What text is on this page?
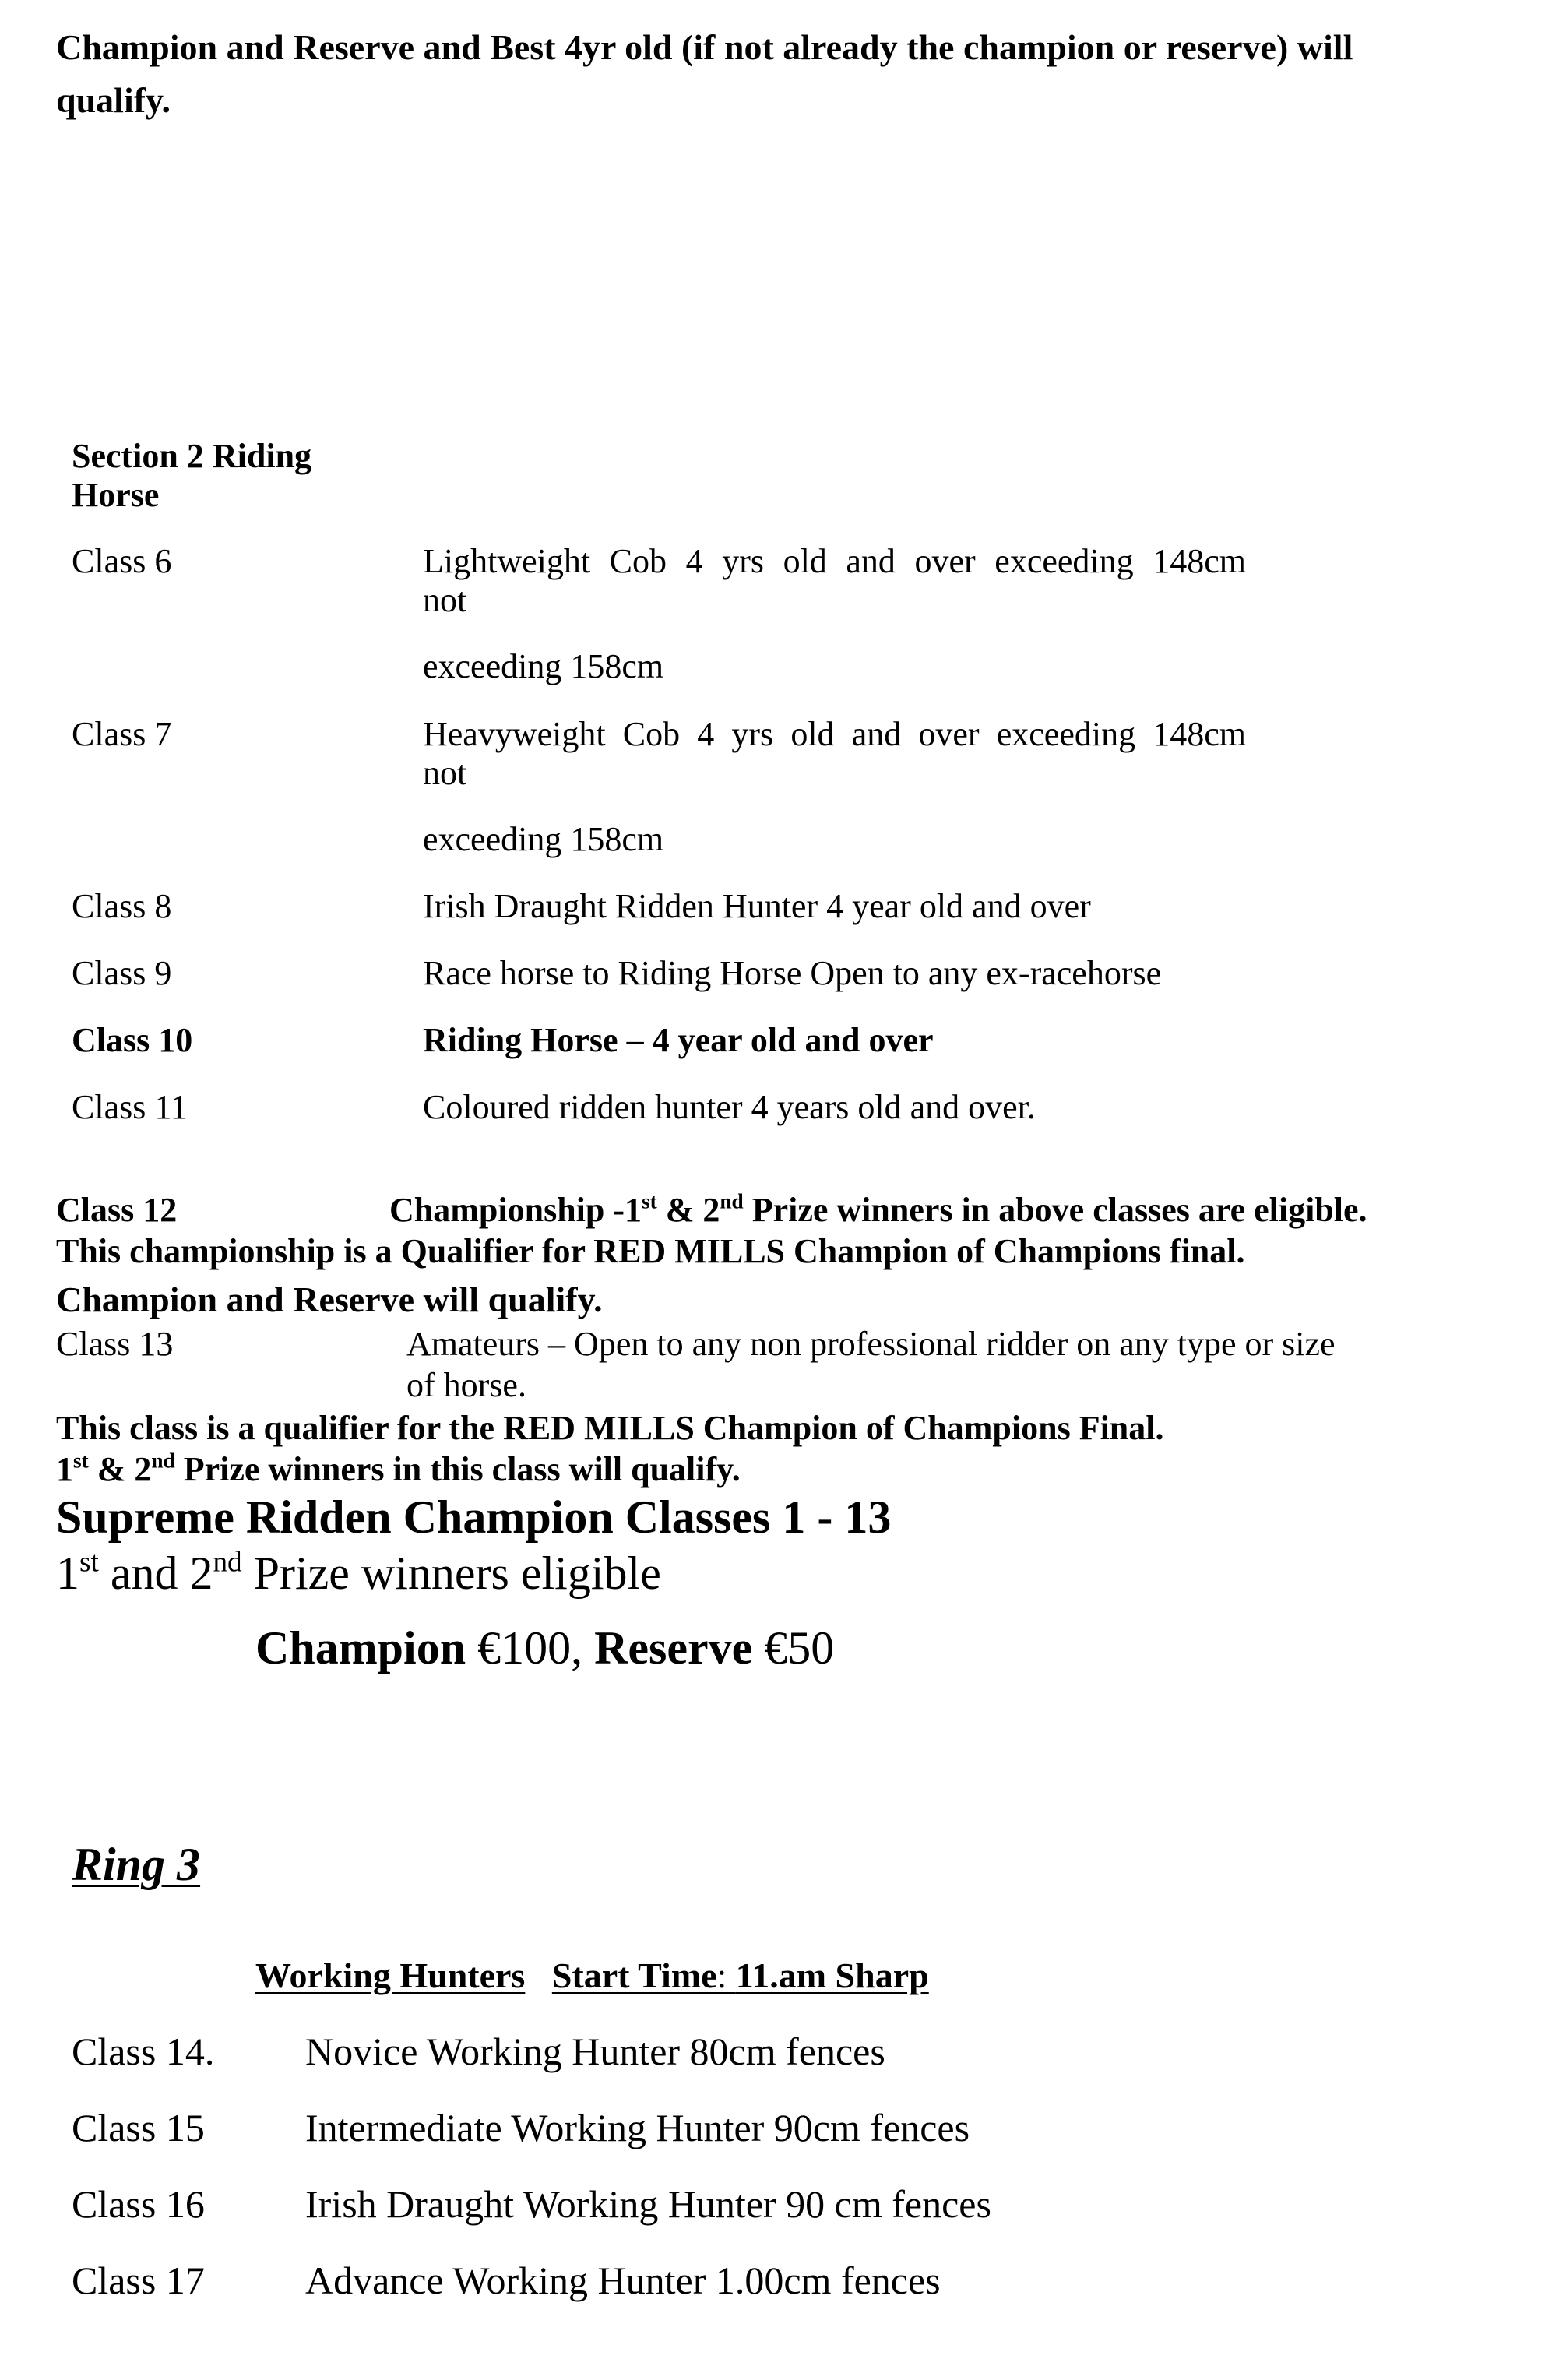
Champion and Reserve and Best 4yr old (if not already the champion or reserve) will
qualify.
Section 2 Riding
Horse
Class 6	Lightweight Cob 4 yrs old and over exceeding 148cm
not
exceeding 158cm
Class 7	Heavyweight Cob 4 yrs old and over exceeding 148cm
not
exceeding 158cm
Class 8	Irish Draught Ridden Hunter 4 year old and over
Class 9	Race horse to Riding Horse Open to any ex-racehorse
Class 10	Riding Horse – 4 year old and over
Class 11	Coloured ridden hunter 4 years old and over.
Class 12	Championship -1st & 2nd Prize winners in above classes are eligible.
This championship is a Qualifier for RED MILLS Champion of Champions final.
Champion and Reserve will qualify.
Class 13	Amateurs – Open to any non professional ridder on any type or size
of horse.
This class is a qualifier for the RED MILLS Champion of Champions Final.
1st & 2nd Prize winners in this class will qualify.
Supreme Ridden Champion Classes 1 - 13
1st and 2nd Prize winners eligible
Champion €100, Reserve €50
Ring 3
Working Hunters Start Time: 11.am Sharp
Class 14. Novice Working Hunter 80cm fences
Class 15	Intermediate Working Hunter 90cm fences
Class 16	Irish Draught Working Hunter 90 cm fences
Class 17	Advance Working Hunter 1.00cm fences
